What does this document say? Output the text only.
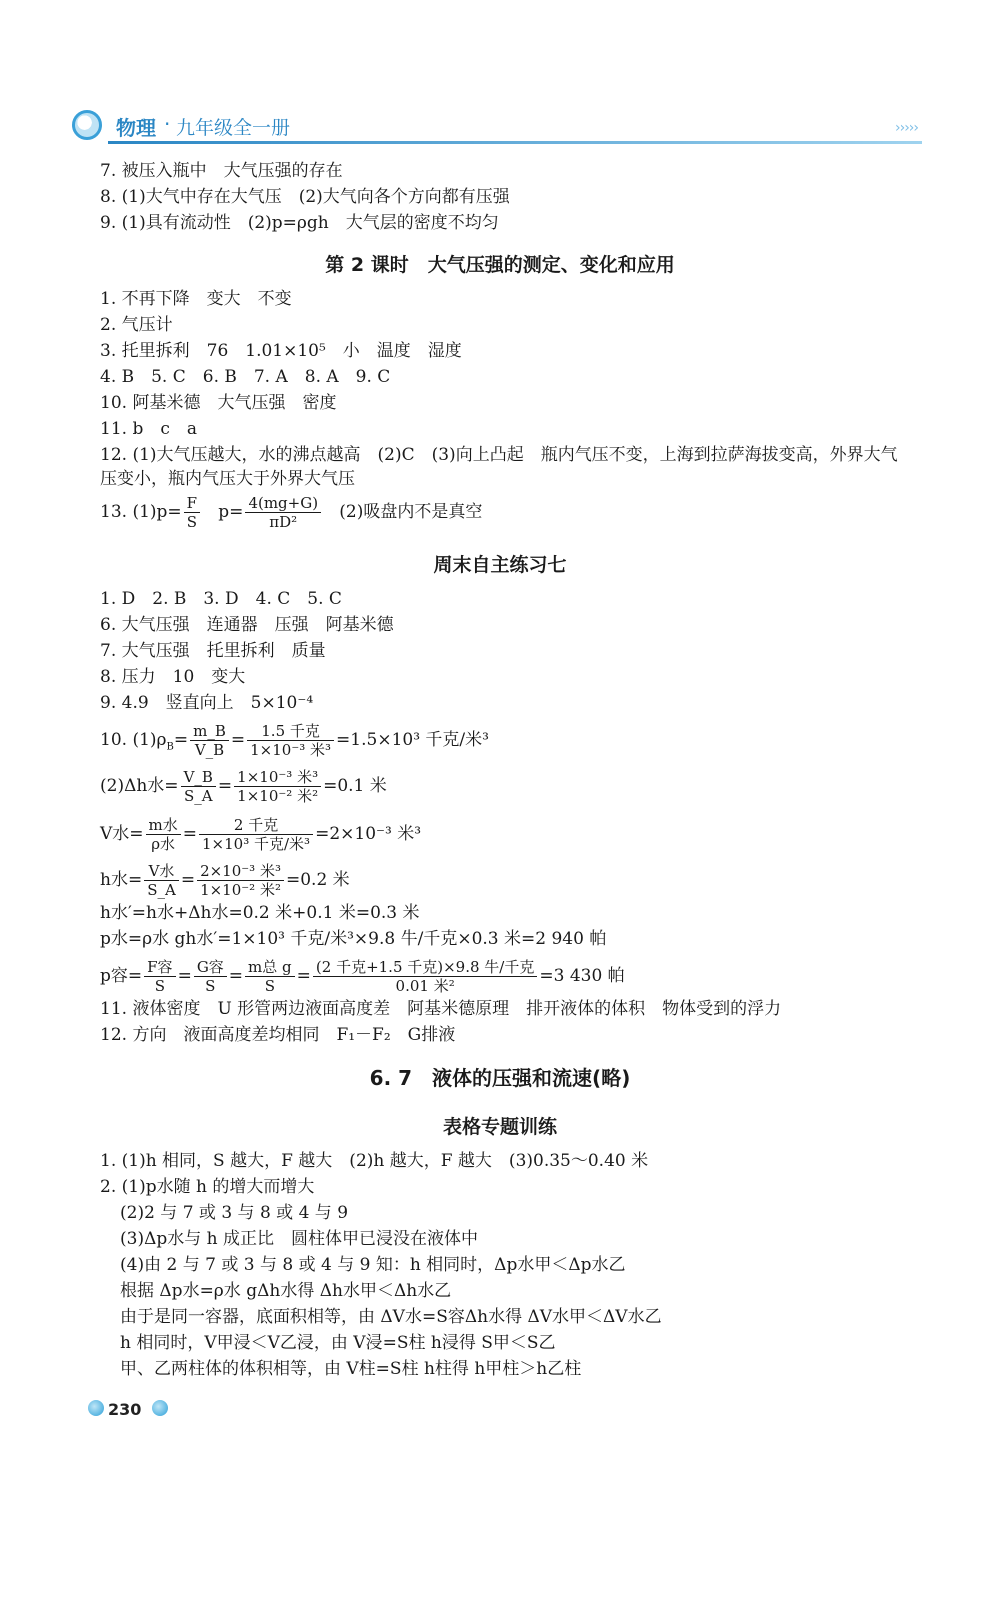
物理 · 九年级全一册	›››››
7. 被压入瓶中　大气压强的存在
8. (1)大气中存在大气压　(2)大气向各个方向都有压强
9. (1)具有流动性　(2)p=ρgh　大气层的密度不均匀
第 2 课时　大气压强的测定、变化和应用
1. 不再下降　变大　不变
2. 气压计
3. 托里拆利　76　1.01×10⁵　小　温度　湿度
4. B　5. C　6. B　7. A　8. A　9. C
10. 阿基米德　大气压强　密度
11. b　c　a
12. (1)大气压越大，水的沸点越高　(2)C　(3)向上凸起　瓶内气压不变，上海到拉萨海拔变高，外界大气
压变小，瓶内气压大于外界大气压
13. $(1)p= \frac{F}{S} p= \frac{4(mg+G)}{\text{πD²}} (2)$吸盘内不是真空
周末自主练习七
1. D　2. B　3. D　4. C　5. C
6. 大气压强　连通器　压强　阿基米德
7. 大气压强　托里拆利　质量
8. 压力　10　变大
9. 4.9　竖直向上　5×10⁻⁴
10. $(1)\rho_B= \frac{m\_B}{V\_B} = \frac{\text{1.5 千克}}{\text{1×10⁻³ 米³}} =1.5\times 10^3$ 千克/米³
(2)Δh水= $\frac{V\_B}{S\_A} = \frac{\text{1×10⁻³ 米³}}{\text{1×10⁻² 米²}} =0.1$ 米
V水= $\frac{\text{m水}}{\text{ρ水}} = \frac{\text{2 千克}}{\text{1×10³ 千克/米³}} =2\times 10^{-3}$ 米³
h水= $\frac{\text{V水}}{S\_A} = \frac{\text{2×10⁻³ 米³}}{\text{1×10⁻² 米²}} =0.2$ 米
h水′=h水+Δh水=0.2 米+0.1 米=0.3 米
p水=ρ水 gh水′=1×10³ 千克/米³×9.8 牛/千克×0.3 米=2 940 帕
p容= $\frac{\text{F容}}{S} = \frac{\text{G容}}{S} = \frac{\text{m总 g}}{S} = \frac{\text{(2 千克+1.5 千克)×9.8 牛/千克}}{\text{0.01 米²}} =3$ 430 帕
11. 液体密度　U 形管两边液面高度差　阿基米德原理　排开液体的体积　物体受到的浮力
12. 方向　液面高度差均相同　F₁－F₂　G排液
6. 7　液体的压强和流速(略)
表格专题训练
1. (1)h 相同，S 越大，F 越大　(2)h 越大，F 越大　(3)0.35～0.40 米
2. (1)p水随 h 的增大而增大
(2)2 与 7 或 3 与 8 或 4 与 9
(3)Δp水与 h 成正比　圆柱体甲已浸没在液体中
(4)由 2 与 7 或 3 与 8 或 4 与 9 知：h 相同时，Δp水甲＜Δp水乙
根据 Δp水=ρ水 gΔh水得 Δh水甲＜Δh水乙
由于是同一容器，底面积相等，由 ΔV水=S容Δh水得 ΔV水甲＜ΔV水乙
h 相同时，V甲浸＜V乙浸，由 V浸=S柱 h浸得 S甲＜S乙
甲、乙两柱体的体积相等，由 V柱=S柱 h柱得 h甲柱＞h乙柱
230
